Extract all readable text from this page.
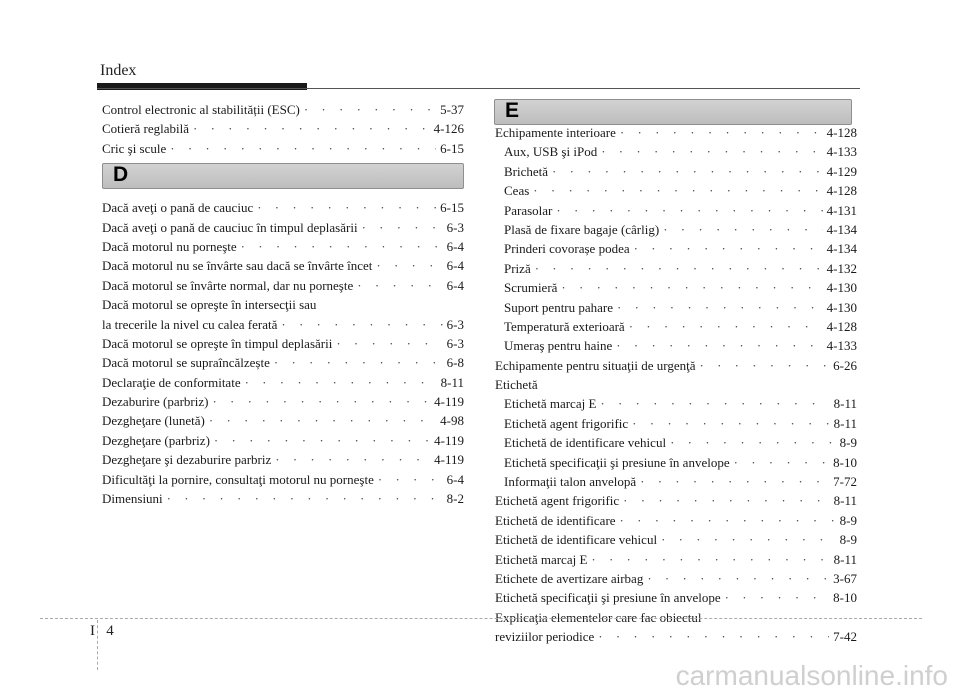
Index
Control electronic al stabilității (ESC) · · ·	5-37
Cotieră reglabilă · · ·	4-126
Cric şi scule · · ·	6-15
D
Dacă aveţi o pană de cauciuc · · ·	6-15
Dacă aveţi o pană de cauciuc în timpul deplasării · · ·	6-3
Dacă motorul nu porneşte · · ·	6-4
Dacă motorul nu se învârte sau dacă se învârte încet · · ·	6-4
Dacă motorul se învârte normal, dar nu porneşte · · ·	6-4
Dacă motorul se opreşte în intersecţii sau
la trecerile la nivel cu calea ferată · · ·	6-3
Dacă motorul se opreşte în timpul deplasării · · ·	6-3
Dacă motorul se supraîncălzește · · ·	6-8
Declaraţie de conformitate · · ·	8-11
Dezaburire (parbriz) · · ·	4-119
Dezgheţare (lunetă) · · ·	4-98
Dezgheţare (parbriz) · · ·	4-119
Dezgheţare şi dezaburire parbriz · · ·	4-119
Dificultăţi la pornire, consultaţi motorul nu porneşte · · ·	6-4
Dimensiuni · · ·	8-2
E
Echipamente interioare · · ·	4-128
Aux, USB şi iPod · · ·	4-133
Brichetă · · ·	4-129
Ceas · · ·	4-128
Parasolar · · ·	4-131
Plasă de fixare bagaje (cârlig) · · ·	4-134
Prinderi covorașe podea · · ·	4-134
Priză · · ·	4-132
Scrumieră · · ·	4-130
Suport pentru pahare · · ·	4-130
Temperatură exterioară · · ·	4-128
Umeraş pentru haine · · ·	4-133
Echipamente pentru situaţii de urgenţă · · ·	6-26
Etichetă
Etichetă marcaj E · · ·	8-11
Etichetă agent frigorific · · ·	8-11
Etichetă de identificare vehicul · · ·	8-9
Etichetă specificaţii şi presiune în anvelope · · ·	8-10
Informaţii talon anvelopă · · ·	7-72
Etichetă agent frigorific · · ·	8-11
Etichetă de identificare · · ·	8-9
Etichetă de identificare vehicul · · ·	8-9
Etichetă marcaj E · · ·	8-11
Etichete de avertizare airbag · · ·	3-67
Etichetă specificaţii şi presiune în anvelope · · ·	8-10
Explicaţia elementelor care fac obiectul
reviziilor periodice · · ·	7-42
I 4
carmanualsonline.info
